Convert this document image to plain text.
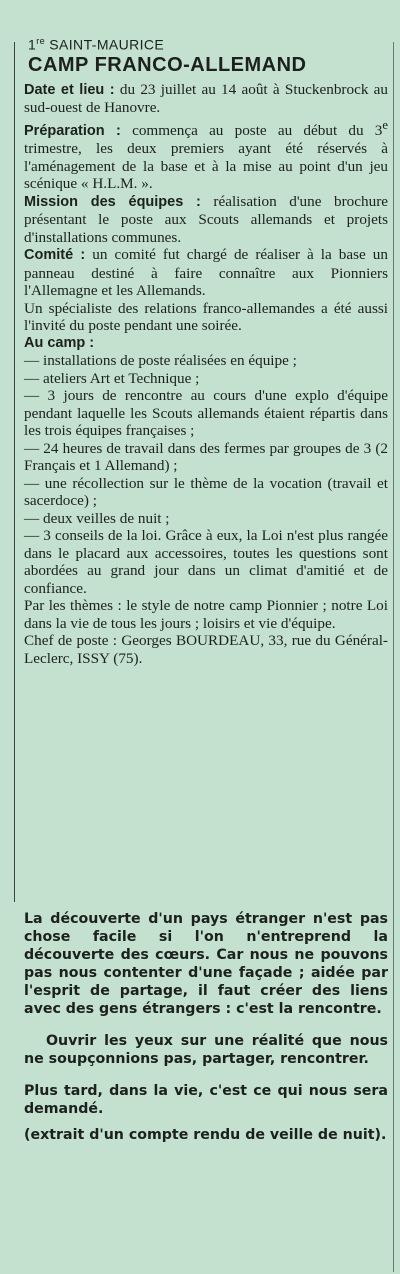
1re SAINT-MAURICE
CAMP FRANCO-ALLEMAND

Date et lieu : du 23 juillet au 14 août à Stuckenbrock au sud-ouest de Hanovre.

Préparation : commença au poste au début du 3e trimestre, les deux premiers ayant été réservés à l'aménagement de la base et à la mise au point d'un jeu scénique « H.L.M. ».

Mission des équipes : réalisation d'une brochure présentant le poste aux Scouts allemands et projets d'installations communes.

Comité : un comité fut chargé de réaliser à la base un panneau destiné à faire connaître aux Pionniers l'Allemagne et les Allemands.

Un spécialiste des relations franco-allemandes a été aussi l'invité du poste pendant une soirée.

Au camp :

— installations de poste réalisées en équipe ;

— ateliers Art et Technique ;

— 3 jours de rencontre au cours d'une explo d'équipe pendant laquelle les Scouts allemands étaient répartis dans les trois équipes françaises ;

— 24 heures de travail dans des fermes par groupes de 3 (2 Français et 1 Allemand) ;

— une récollection sur le thème de la vocation (travail et sacerdoce) ;

— deux veilles de nuit ;

— 3 conseils de la loi. Grâce à eux, la Loi n'est plus rangée dans le placard aux accessoires, toutes les questions sont abordées au grand jour dans un climat d'amitié et de confiance.

Par les thèmes : le style de notre camp Pionnier ; notre Loi dans la vie de tous les jours ; loisirs et vie d'équipe.

Chef de poste : Georges BOURDEAU, 33, rue du Général-Leclerc, ISSY (75).

La découverte d'un pays étranger n'est pas chose facile si l'on n'entreprend la découverte des cœurs. Car nous ne pouvons pas nous contenter d'une façade ; aidée par l'esprit de partage, il faut créer des liens avec des gens étrangers : c'est la rencontre.

Ouvrir les yeux sur une réalité que nous ne soupçonnions pas, partager, rencontrer.

Plus tard, dans la vie, c'est ce qui nous sera demandé.

(extrait d'un compte rendu de veille de nuit).
